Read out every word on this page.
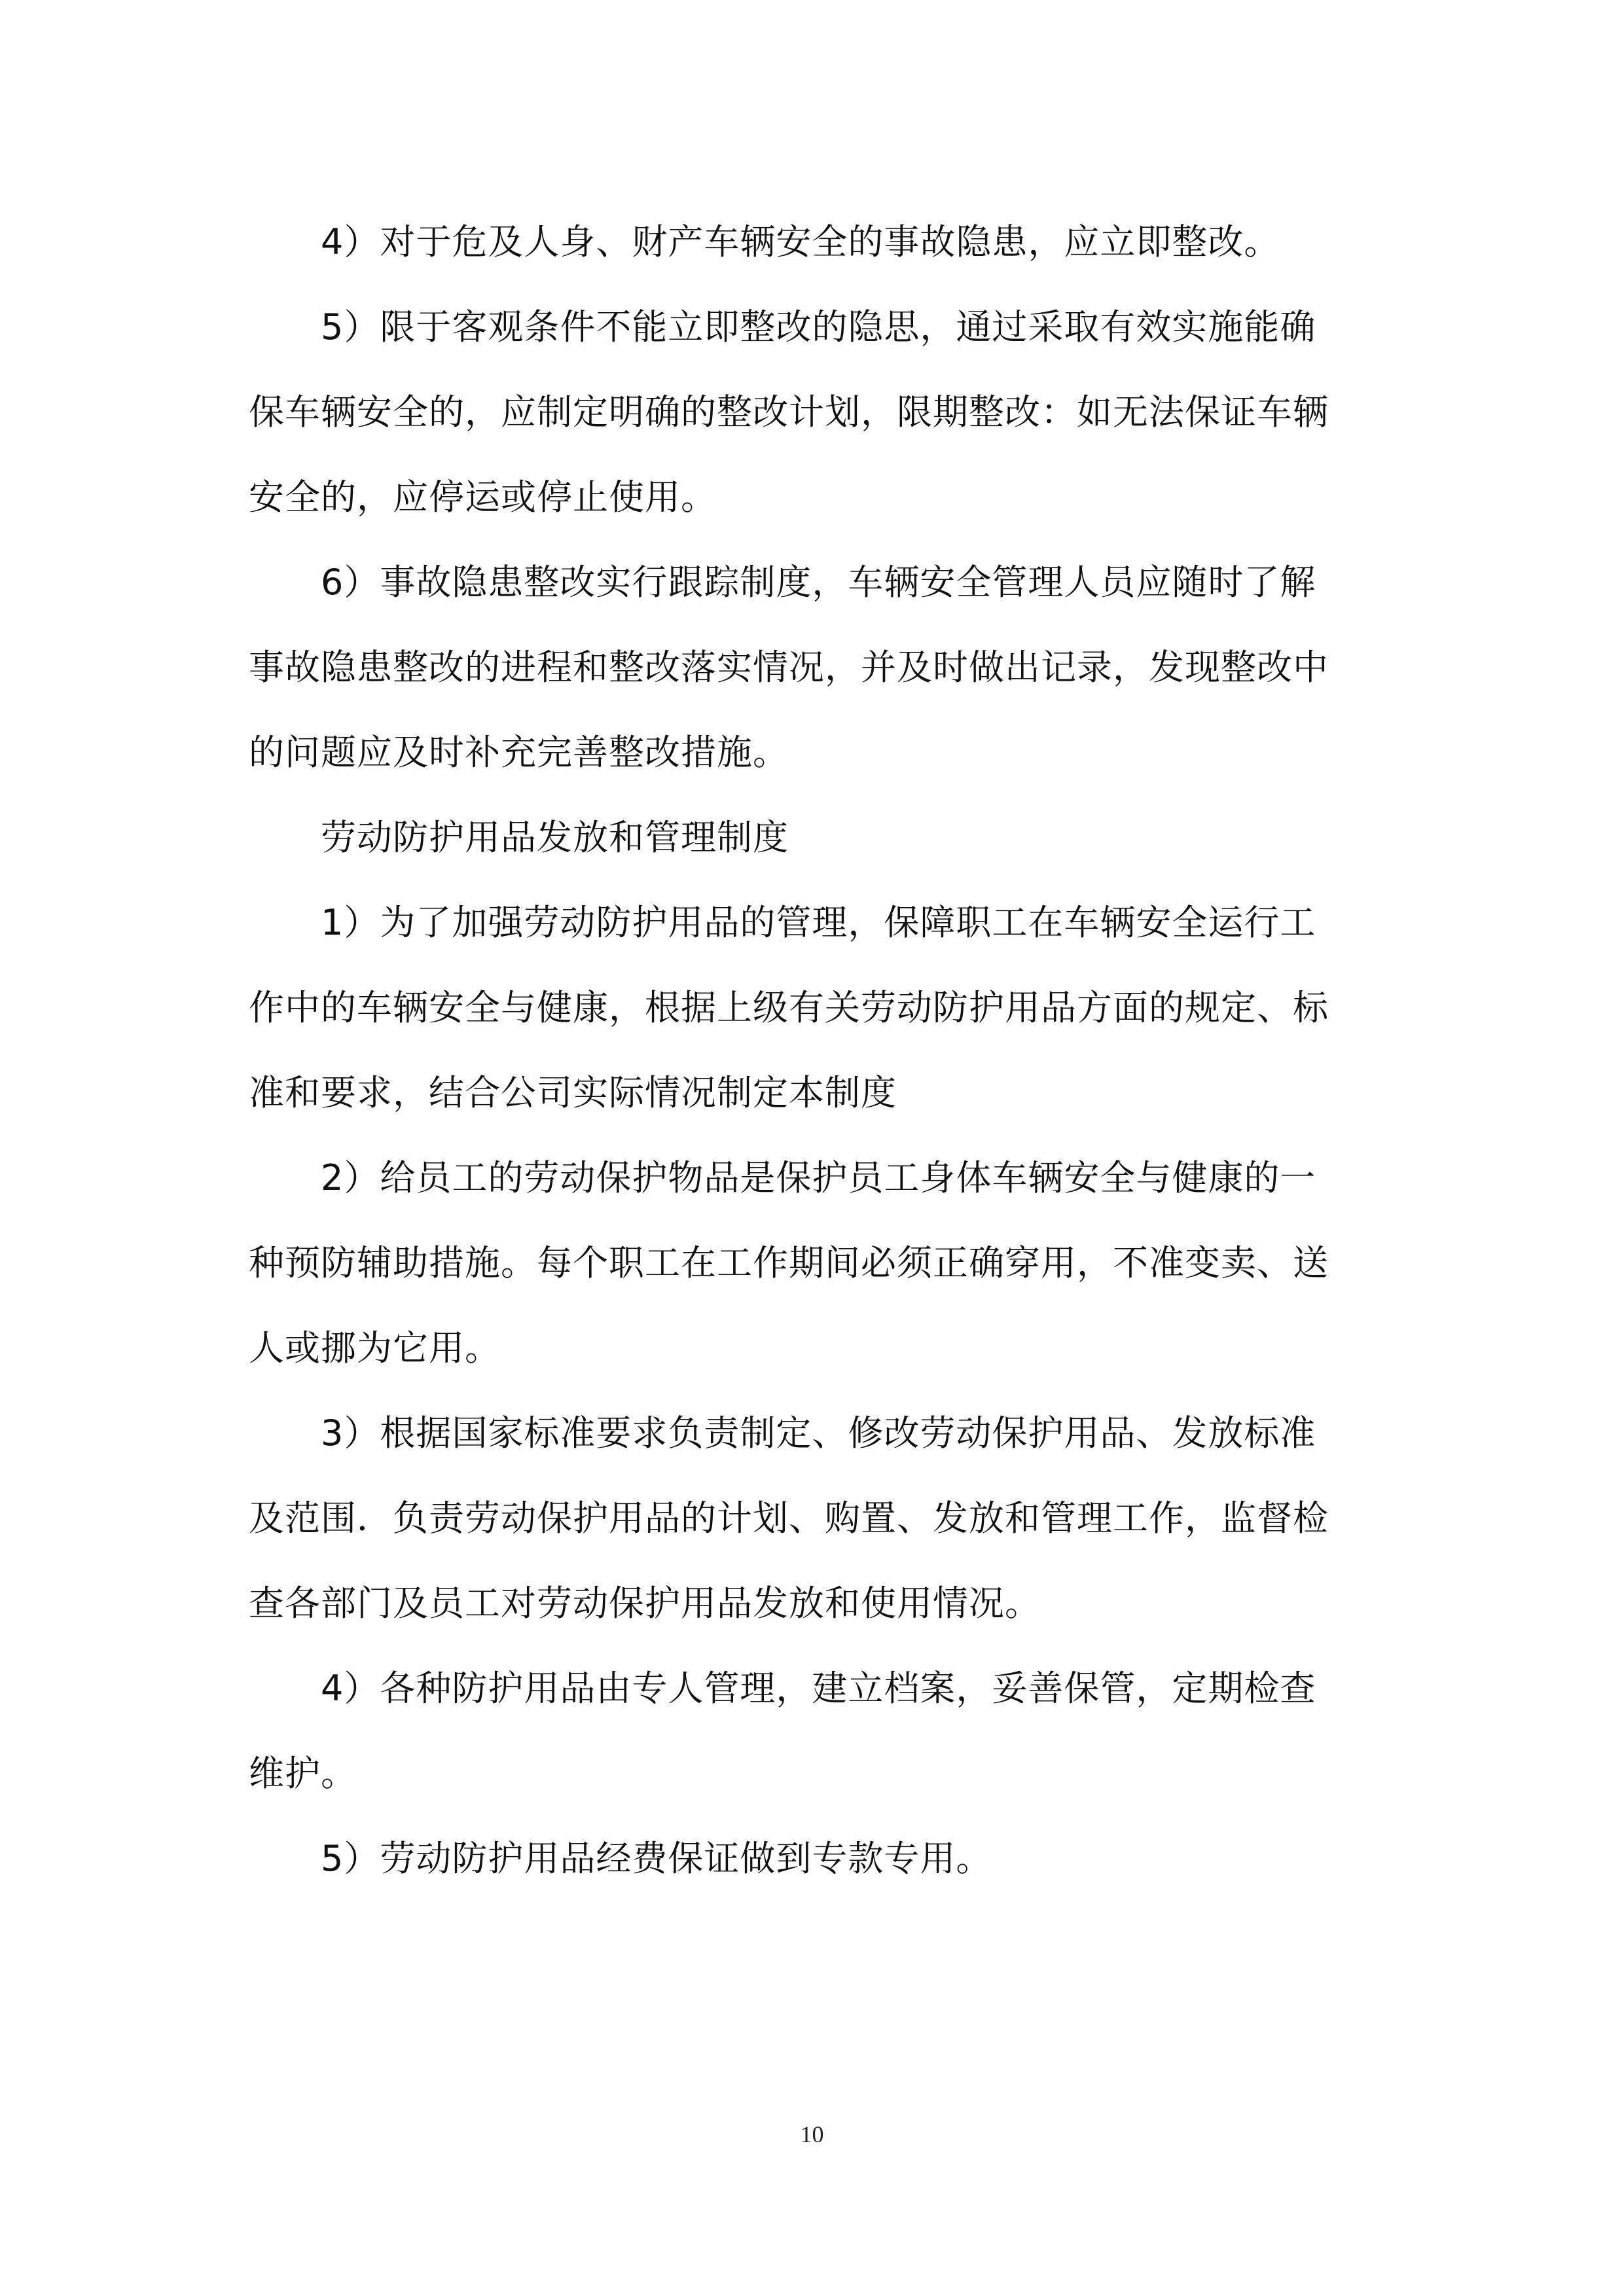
4）对于危及人身、财产车辆安全的事故隐患，应立即整改。
5）限于客观条件不能立即整改的隐思，通过采取有效实施能确
保车辆安全的，应制定明确的整改计划，限期整改：如无法保证车辆
安全的，应停运或停止使用。
6）事故隐患整改实行跟踪制度，车辆安全管理人员应随时了解
事故隐患整改的进程和整改落实情况，并及时做出记录，发现整改中
的问题应及时补充完善整改措施。
劳动防护用品发放和管理制度
1）为了加强劳动防护用品的管理，保障职工在车辆安全运行工
作中的车辆安全与健康，根据上级有关劳动防护用品方面的规定、标
准和要求，结合公司实际情况制定本制度
2）给员工的劳动保护物品是保护员工身体车辆安全与健康的一
种预防辅助措施。每个职工在工作期间必须正确穿用，不准变卖、送
人或挪为它用。
3）根据国家标准要求负责制定、修改劳动保护用品、发放标准
及范围．负责劳动保护用品的计划、购置、发放和管理工作，监督检
查各部门及员工对劳动保护用品发放和使用情况。
4）各种防护用品由专人管理，建立档案，妥善保管，定期检查
维护。
5）劳动防护用品经费保证做到专款专用。
10
